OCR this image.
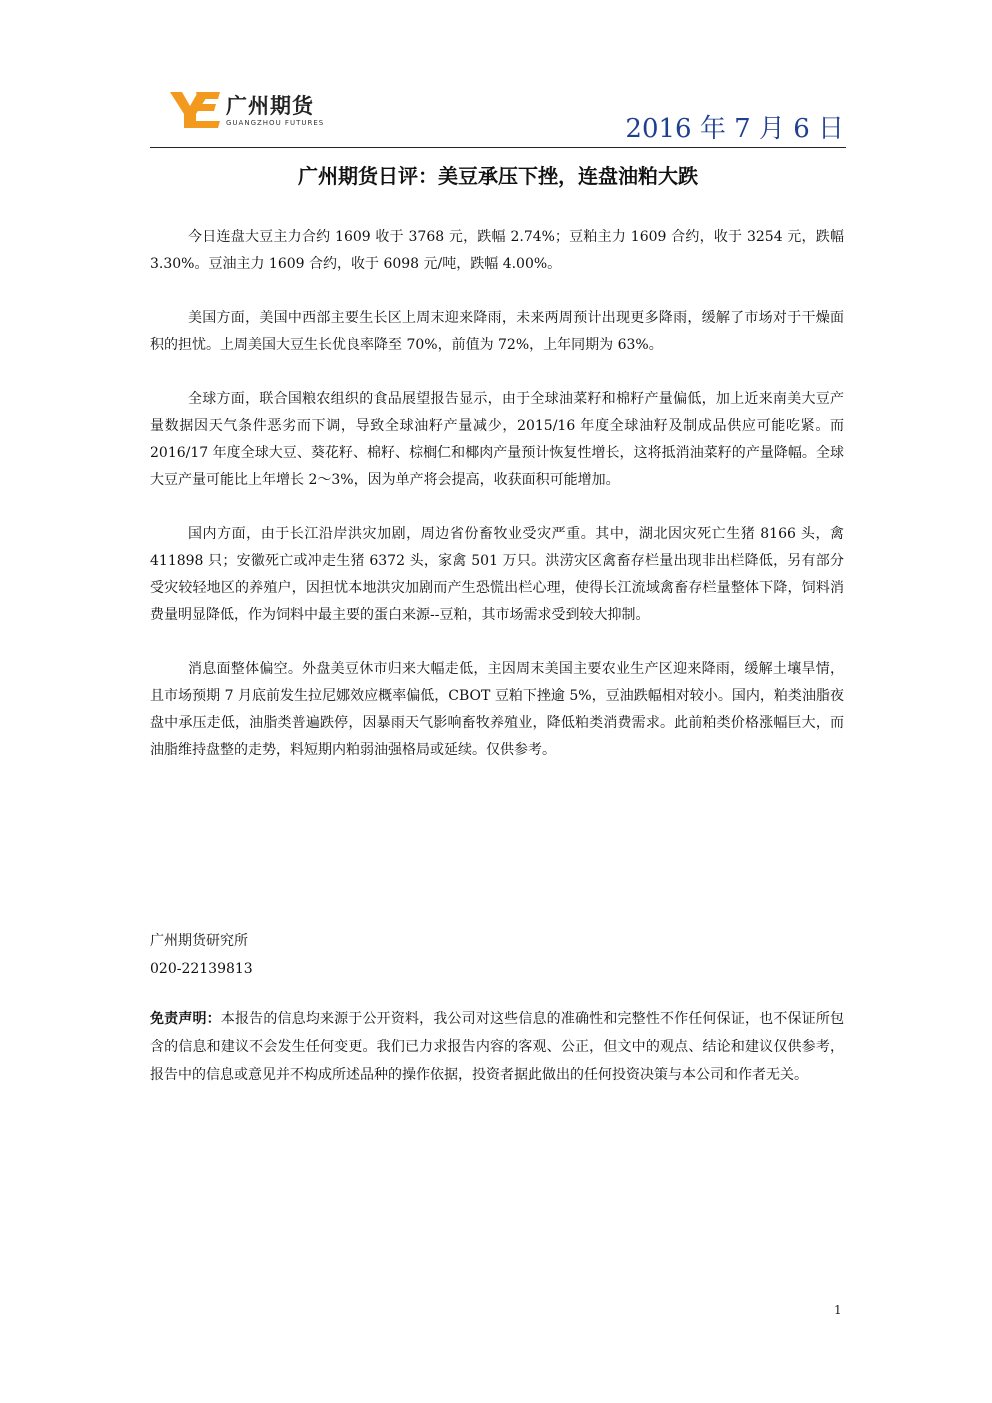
广州期货
GUANGZHOU FUTURES	2016 年 7 月 6 日
广州期货日评：美豆承压下挫，连盘油粕大跌

今日连盘大豆主力合约 1609 收于 3768 元，跌幅 2.74%；豆粕主力 1609 合约，收于 3254 元，跌幅 3.30%。豆油主力 1609 合约，收于 6098 元/吨，跌幅 4.00%。

美国方面，美国中西部主要生长区上周末迎来降雨，未来两周预计出现更多降雨，缓解了市场对于干燥面积的担忧。上周美国大豆生长优良率降至 70%，前值为 72%，上年同期为 63%。

全球方面，联合国粮农组织的食品展望报告显示，由于全球油菜籽和棉籽产量偏低，加上近来南美大豆产量数据因天气条件恶劣而下调，导致全球油籽产量减少，2015/16 年度全球油籽及制成品供应可能吃紧。而 2016/17 年度全球大豆、葵花籽、棉籽、棕榈仁和椰肉产量预计恢复性增长，这将抵消油菜籽的产量降幅。全球大豆产量可能比上年增长 2～3%，因为单产将会提高，收获面积可能增加。

国内方面，由于长江沿岸洪灾加剧，周边省份畜牧业受灾严重。其中，湖北因灾死亡生猪 8166 头，禽 411898 只；安徽死亡或冲走生猪 6372 头，家禽 501 万只。洪涝灾区禽畜存栏量出现非出栏降低，另有部分受灾较轻地区的养殖户，因担忧本地洪灾加剧而产生恐慌出栏心理，使得长江流域禽畜存栏量整体下降，饲料消费量明显降低，作为饲料中最主要的蛋白来源--豆粕，其市场需求受到较大抑制。

消息面整体偏空。外盘美豆休市归来大幅走低，主因周末美国主要农业生产区迎来降雨，缓解土壤旱情，且市场预期 7 月底前发生拉尼娜效应概率偏低，CBOT 豆粕下挫逾 5%，豆油跌幅相对较小。国内，粕类油脂夜盘中承压走低，油脂类普遍跌停，因暴雨天气影响畜牧养殖业，降低粕类消费需求。此前粕类价格涨幅巨大，而油脂维持盘整的走势，料短期内粕弱油强格局或延续。仅供参考。

广州期货研究所
020-22139813
免责声明：本报告的信息均来源于公开资料，我公司对这些信息的准确性和完整性不作任何保证，也不保证所包含的信息和建议不会发生任何变更。我们已力求报告内容的客观、公正，但文中的观点、结论和建议仅供参考，报告中的信息或意见并不构成所述品种的操作依据，投资者据此做出的任何投资决策与本公司和作者无关。
1
